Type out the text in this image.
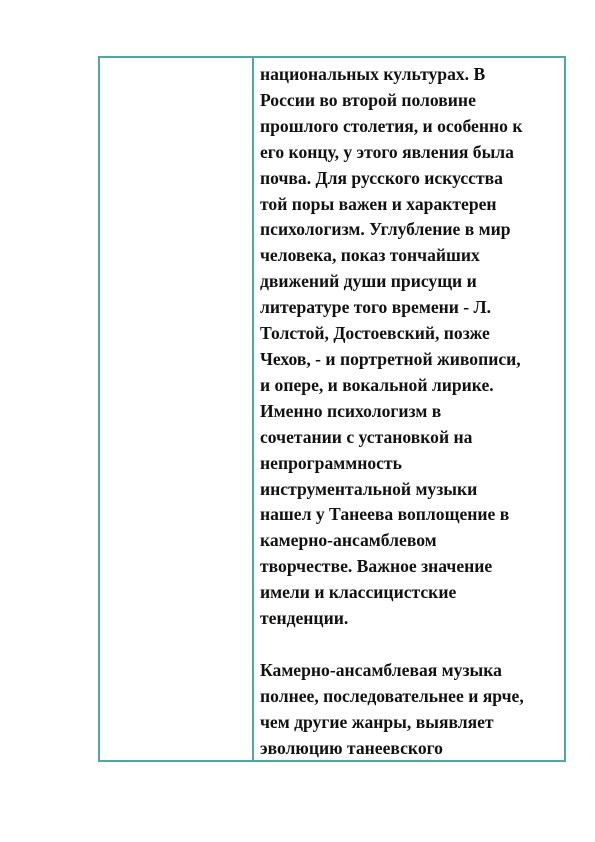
национальных культурах. В
России во второй половине
прошлого столетия, и особенно к
его концу, у этого явления была
почва. Для русского искусства
той поры важен и характерен
психологизм. Углубление в мир
человека, показ тончайших
движений души присущи и
литературе того времени - Л.
Толстой, Достоевский, позже
Чехов, - и портретной живописи,
и опере, и вокальной лирике.
Именно психологизм в
сочетании с установкой на
непрограммность
инструментальной музыки
нашел у Танеева воплощение в
камерно-ансамблевом
творчестве. Важное значение
имели и классицистские
тенденции.

Камерно-ансамблевая музыка
полнее, последовательнее и ярче,
чем другие жанры, выявляет
эволюцию танеевского
